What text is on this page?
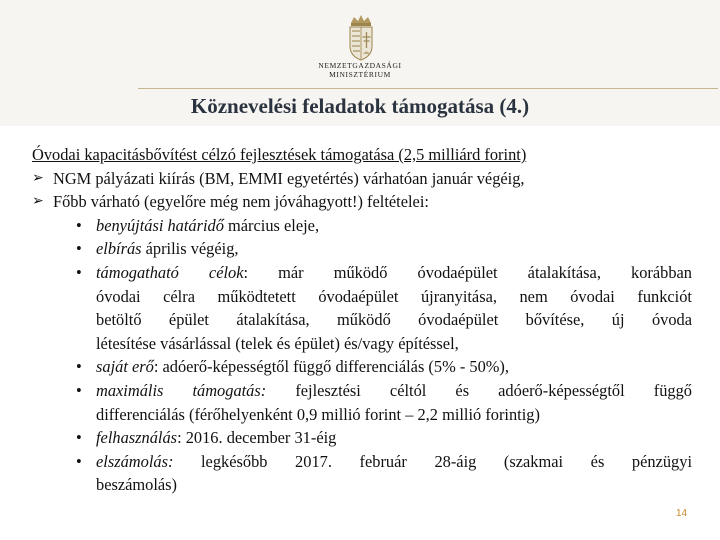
NEMZETGAZDASÁGI
MINISZTÉRIUM
Köznevelési feladatok támogatása (4.)
Óvodai kapacitásbővítést célzó fejlesztések támogatása (2,5 milliárd forint)
➢ NGM pályázati kiírás (BM, EMMI egyetértés) várhatóan január végéig,
➢ Főbb várható (egyelőre még nem jóváhagyott!) feltételei:
• benyújtási határidő március eleje,
• elbírás április végéig,
• támogatható célok: már működő óvodaépület átalakítása, korábban
óvodai célra működtetett óvodaépület újranyitása, nem óvodai funkciót
betöltő épület átalakítása, működő óvodaépület bővítése, új óvoda
létesítése vásárlással (telek és épület) és/vagy építéssel,
• saját erő: adóerő-képességtől függő differenciálás (5% - 50%),
• maximális támogatás: fejlesztési céltól és adóerő-képességtől függő
differenciálás (férőhelyenként 0,9 millió forint – 2,2 millió forintig)
• felhasználás: 2016. december 31-éig
• elszámolás: legkésőbb 2017. február 28-áig (szakmai és pénzügyi
beszámolás)
14
